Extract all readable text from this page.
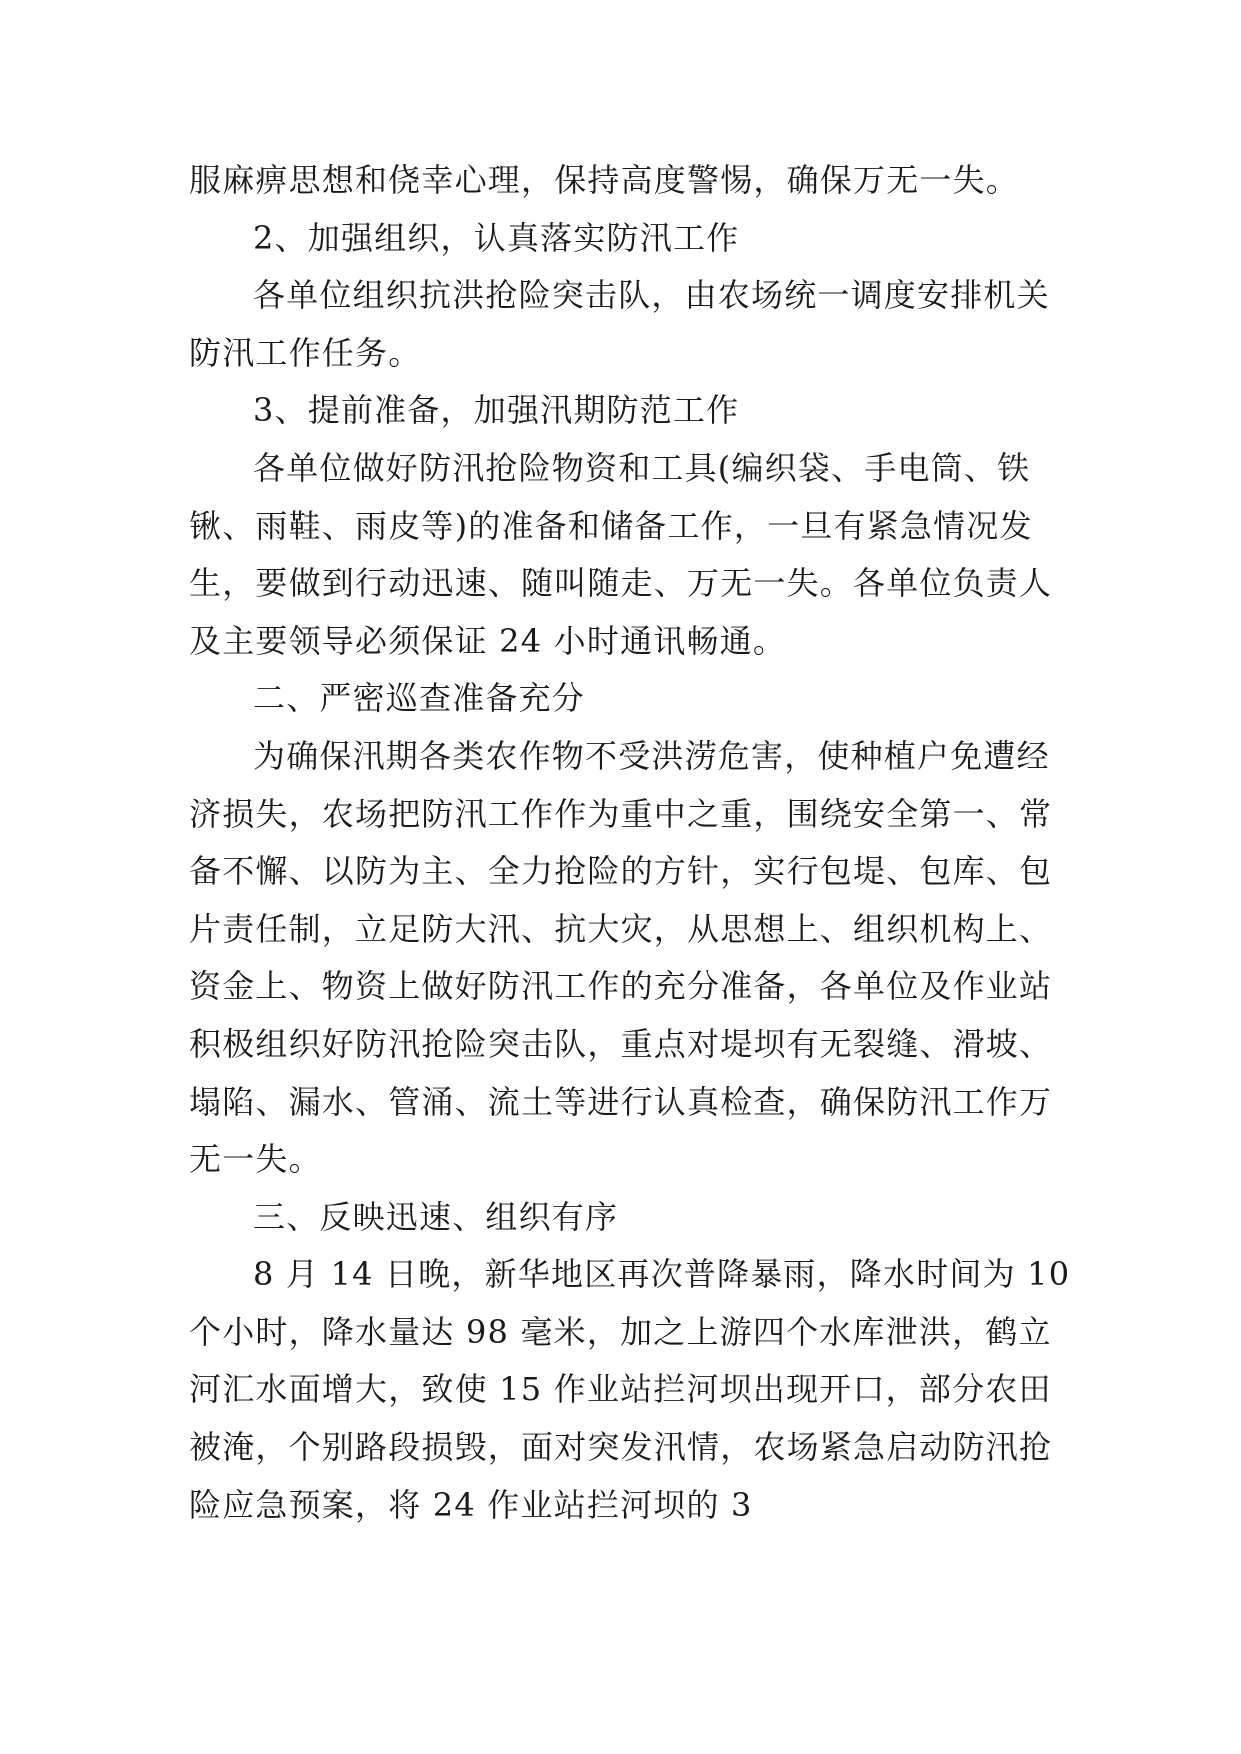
服麻痹思想和侥幸心理，保持高度警惕，确保万无一失。
2、加强组织，认真落实防汛工作
各单位组织抗洪抢险突击队，由农场统一调度安排机关
防汛工作任务。
3、提前准备，加强汛期防范工作
各单位做好防汛抢险物资和工具(编织袋、手电筒、铁
锹、雨鞋、雨皮等)的准备和储备工作，一旦有紧急情况发
生，要做到行动迅速、随叫随走、万无一失。各单位负责人
及主要领导必须保证 24 小时通讯畅通。
二、严密巡查准备充分
为确保汛期各类农作物不受洪涝危害，使种植户免遭经
济损失，农场把防汛工作作为重中之重，围绕安全第一、常
备不懈、以防为主、全力抢险的方针，实行包堤、包库、包
片责任制，立足防大汛、抗大灾，从思想上、组织机构上、
资金上、物资上做好防汛工作的充分准备，各单位及作业站
积极组织好防汛抢险突击队，重点对堤坝有无裂缝、滑坡、
塌陷、漏水、管涌、流土等进行认真检查，确保防汛工作万
无一失。
三、反映迅速、组织有序
8 月 14 日晚，新华地区再次普降暴雨，降水时间为 10
个小时，降水量达 98 毫米，加之上游四个水库泄洪，鹤立
河汇水面增大，致使 15 作业站拦河坝出现开口，部分农田
被淹，个别路段损毁，面对突发汛情，农场紧急启动防汛抢
险应急预案，将 24 作业站拦河坝的 3
